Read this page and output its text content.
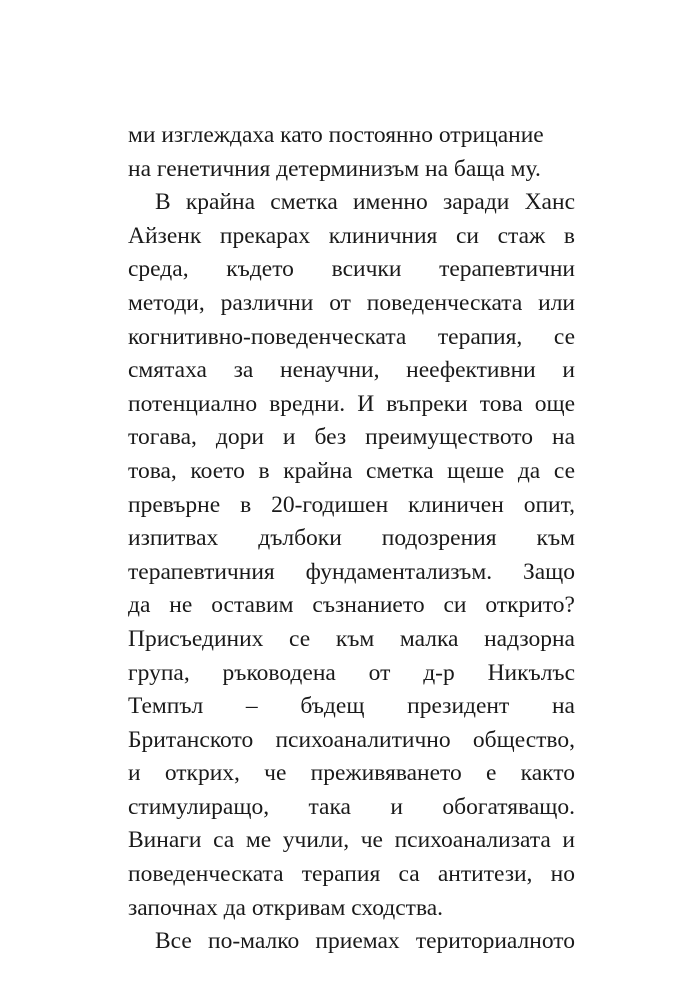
ми изглеждаха като постоянно отрицание
на генетичния детерминизъм на баща му.
В крайна сметка именно заради Ханс
Айзенк прекарах клиничния си стаж в
среда, където всички терапевтични
методи, различни от поведенческата или
когнитивно-поведенческата терапия, се
смятаха за ненаучни, неефективни и
потенциално вредни. И въпреки това още
тогава, дори и без преимуществото на
това, което в крайна сметка щеше да се
превърне в 20-годишен клиничен опит,
изпитвах дълбоки подозрения към
терапевтичния фундаментализъм. Защо
да не оставим съзнанието си открито?
Присъединих се към малка надзорна
група, ръководена от д-р Никълъс
Темпъл – бъдещ президент на
Британското психоаналитично общество,
и открих, че преживяването е както
стимулиращо, така и обогатяващо.
Винаги са ме учили, че психоанализата и
поведенческата терапия са антитези, но
започнах да откривам сходства.
Все по-малко приемах териториалното
